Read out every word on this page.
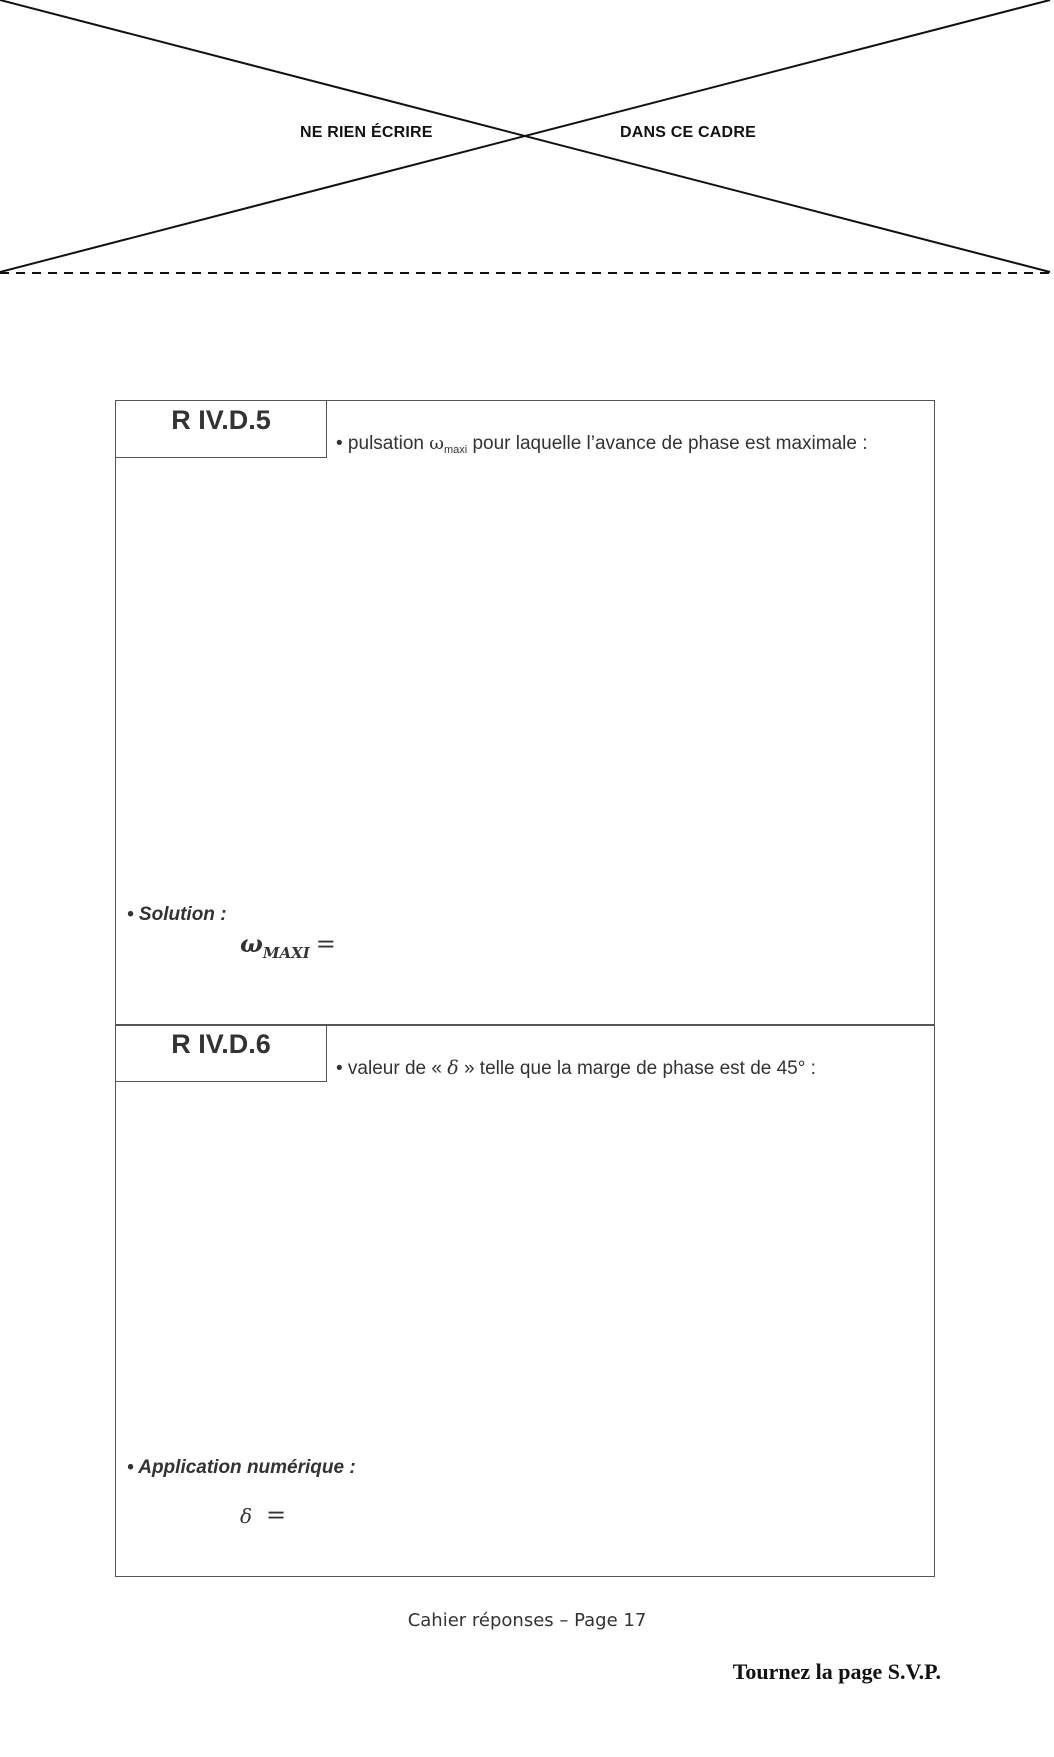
NE RIEN ÉCRIRE	DANS CE CADRE
R IV.D.5
• pulsation $\omega_{maxi}$ pour laquelle l’avance de phase est maximale :
• Solution :
$\omega_{MAXI}$ =
R IV.D.6
• valeur de « δ » telle que la marge de phase est de 45° :
• Application numérique :
δ =
Cahier réponses – Page 17
Tournez la page S.V.P.
